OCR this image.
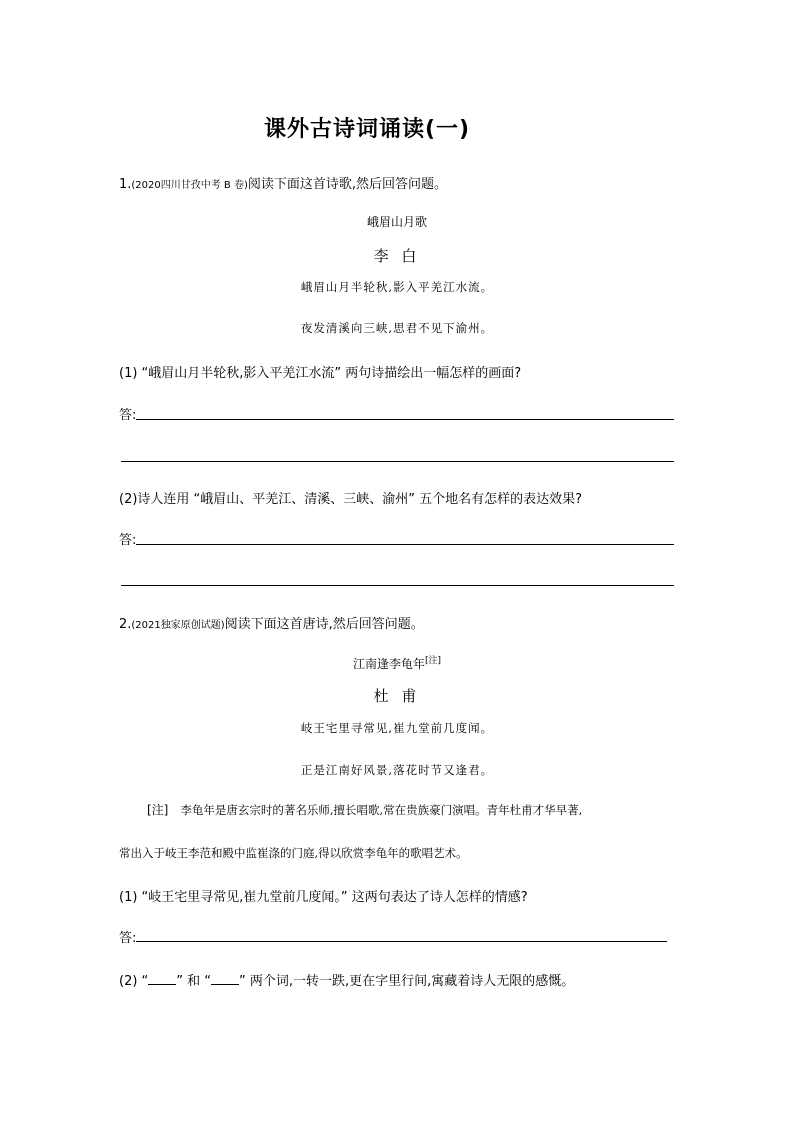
课外古诗词诵读(一)
1.(2020四川甘孜中考 B 卷)阅读下面这首诗歌,然后回答问题。
峨眉山月歌
李 白
峨眉山月半轮秋,影入平羌江水流。
夜发清溪向三峡,思君不见下渝州。
(1) “峨眉山月半轮秋,影入平羌江水流” 两句诗描绘出一幅怎样的画面?
答:
(2)诗人连用 “峨眉山、平羌江、清溪、三峡、渝州” 五个地名有怎样的表达效果?
答:
2.(2021独家原创试题)阅读下面这首唐诗,然后回答问题。
江南逢李龟年[注]
杜 甫
岐王宅里寻常见,崔九堂前几度闻。
正是江南好风景,落花时节又逢君。
[注] 李龟年是唐玄宗时的著名乐师,擅长唱歌,常在贵族豪门演唱。青年杜甫才华早著,
常出入于岐王李范和殿中监崔涤的门庭,得以欣赏李龟年的歌唱艺术。
(1) “岐王宅里寻常见,崔九堂前几度闻。” 这两句表达了诗人怎样的情感?
答:
(2) “ ” 和 “ ” 两个词,一转一跌,更在字里行间,寓藏着诗人无限的感慨。
